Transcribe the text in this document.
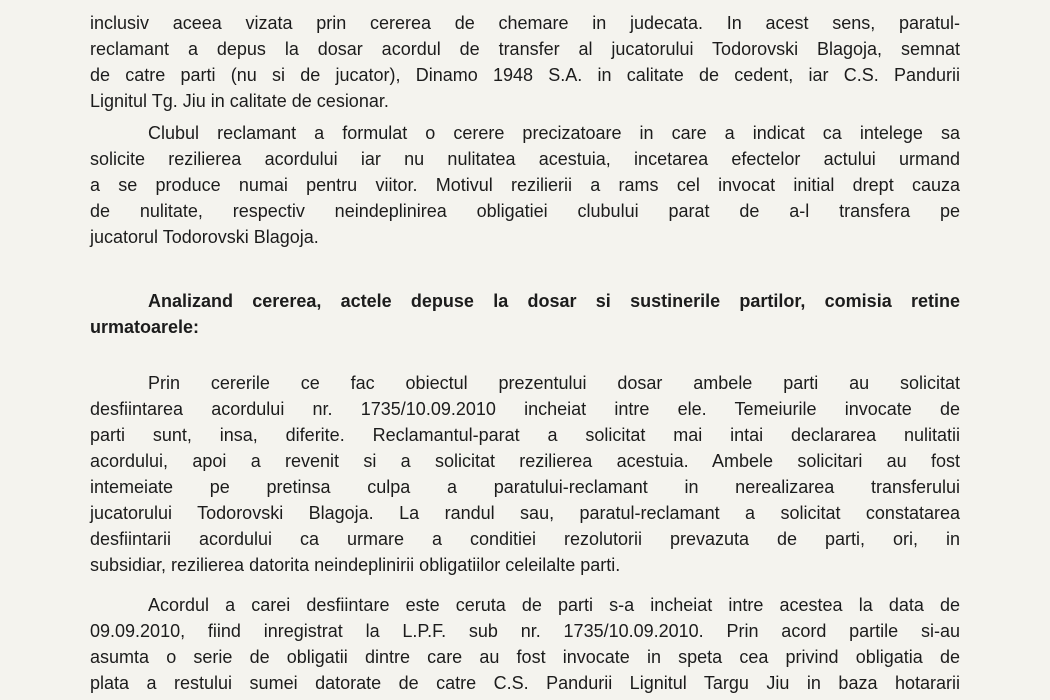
inclusiv aceea vizata prin cererea de chemare in judecata. In acest sens, paratul-
reclamant a depus la dosar acordul de transfer al jucatorului Todorovski Blagoja, semnat
de catre parti (nu si de jucator), Dinamo 1948 S.A. in calitate de cedent, iar C.S. Pandurii
Lignitul Tg. Jiu in calitate de cesionar.
Clubul reclamant a formulat o cerere precizatoare in care a indicat ca intelege sa
solicite rezilierea acordului iar nu nulitatea acestuia, incetarea efectelor actului urmand
a se produce numai pentru viitor. Motivul rezilierii a rams cel invocat initial drept cauza
de nulitate, respectiv neindeplinirea obligatiei clubului parat de a-l transfera pe
jucatorul Todorovski Blagoja.
Analizand cererea, actele depuse la dosar si sustinerile partilor, comisia retine
urmatoarele:
Prin cererile ce fac obiectul prezentului dosar ambele parti au solicitat
desfiintarea acordului nr. 1735/10.09.2010 incheiat intre ele. Temeiurile invocate de
parti sunt, insa, diferite. Reclamantul-parat a solicitat mai intai declararea nulitatii
acordului, apoi a revenit si a solicitat rezilierea acestuia. Ambele solicitari au fost
intemeiate pe pretinsa culpa a paratului-reclamant in nerealizarea transferului
jucatorului Todorovski Blagoja. La randul sau, paratul-reclamant a solicitat constatarea
desfiintarii acordului ca urmare a conditiei rezolutorii prevazuta de parti, ori, in
subsidiar, rezilierea datorita neindeplinirii obligatiilor celeilalte parti.
Acordul a carei desfiintare este ceruta de parti s-a incheiat intre acestea la data de
09.09.2010, fiind inregistrat la L.P.F. sub nr. 1735/10.09.2010. Prin acord partile si-au
asumta o serie de obligatii dintre care au fost invocate in speta cea privind obligatia de
plata a restului sumei datorate de catre C.S. Pandurii Lignitul Targu Jiu in baza hotararii
